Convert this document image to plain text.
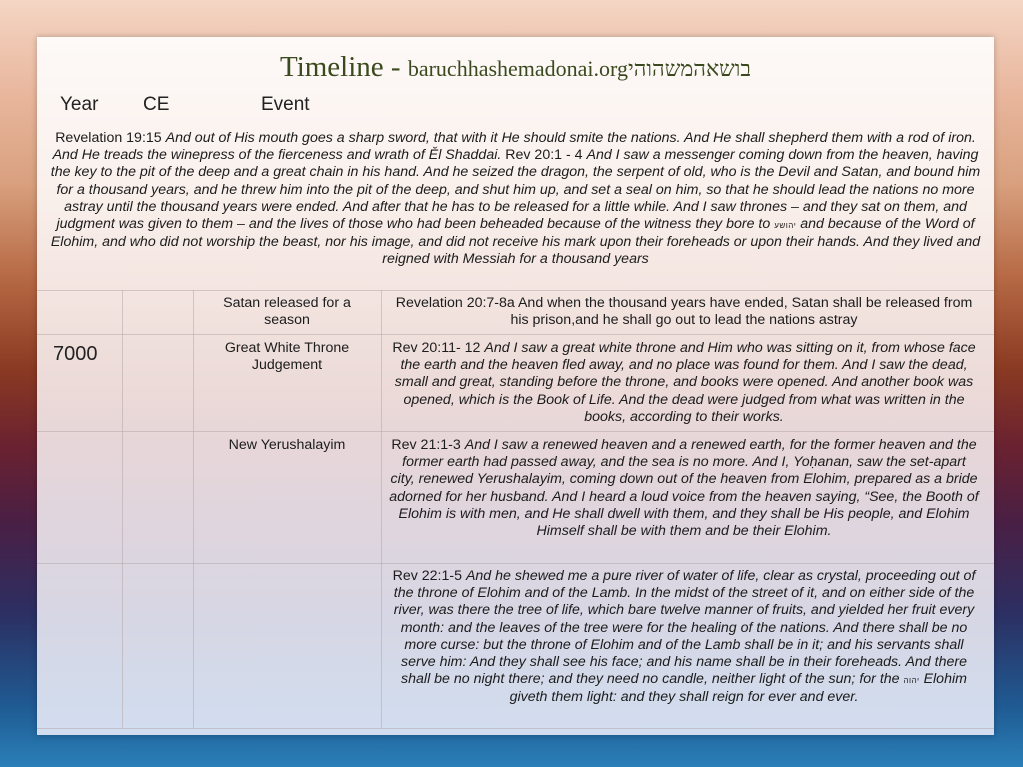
Timeline - baruchhashemadonai.orgבושאהמשהוהי
Year CE	Event
Revelation 19:15 And out of His mouth goes a sharp sword, that with it He should smite the nations. And He shall shepherd them with a rod of iron. And He treads the winepress of the fierceness and wrath of Ěl Shaddai. Rev 20:1 - 4 And I saw a messenger coming down from the heaven, having the key to the pit of the deep and a great chain in his hand. And he seized the dragon, the serpent of old, who is the Devil and Satan, and bound him for a thousand years, and he threw him into the pit of the deep, and shut him up, and set a seal on him, so that he should lead the nations no more astray until the thousand years were ended. And after that he has to be released for a little while. And I saw thrones – and they sat on them, and judgment was given to them – and the lives of those who had been beheaded because of the witness they bore to יהושע and because of the Word of Elohim, and who did not worship the beast, nor his image, and did not receive his mark upon their foreheads or upon their hands. And they lived and reigned with Messiah for a thousand years
7000
Satan released for a season
Revelation 20:7-8a And when the thousand years have ended, Satan shall be released from his prison,and he shall go out to lead the nations astray
Great White Throne Judgement
Rev 20:11- 12 And I saw a great white throne and Him who was sitting on it, from whose face the earth and the heaven fled away, and no place was found for them. And I saw the dead, small and great, standing before the throne, and books were opened. And another book was opened, which is the Book of Life. And the dead were judged from what was written in the books, according to their works.
New Yerushalayim	Rev 21:1-3 And I saw a renewed heaven and a renewed earth, for the former heaven and the former earth had passed away, and the sea is no more. And I, Yoḥanan, saw the set-apart city, renewed Yerushalayim, coming down out of the heaven from Elohim, prepared as a bride adorned for her husband. And I heard a loud voice from the heaven saying, “See, the Booth of Elohim is with men, and He shall dwell with them, and they shall be His people, and Elohim Himself shall be with them and be their Elohim.
Rev 22:1-5 And he shewed me a pure river of water of life, clear as crystal, proceeding out of the throne of Elohim and of the Lamb. In the midst of the street of it, and on either side of the river, was there the tree of life, which bare twelve manner of fruits, and yielded her fruit every month: and the leaves of the tree were for the healing of the nations. And there shall be no more curse: but the throne of Elohim and of the Lamb shall be in it; and his servants shall serve him: And they shall see his face; and his name shall be in their foreheads. And there shall be no night there; and they need no candle, neither light of the sun; for the יהוה Elohim giveth them light: and they shall reign for ever and ever.
